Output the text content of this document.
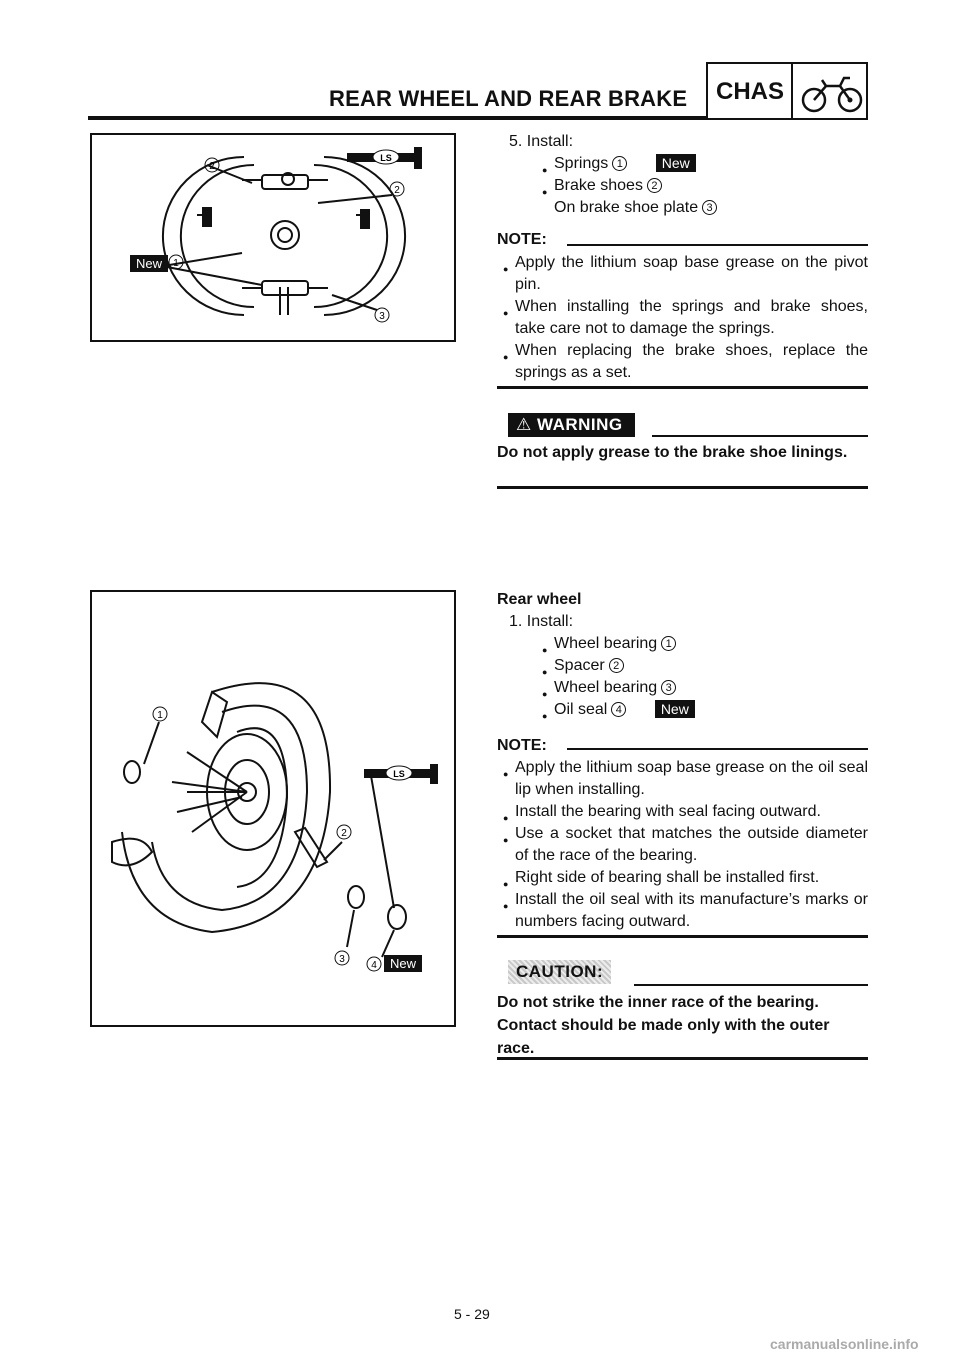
REAR WHEEL AND REAR BRAKE CHAS
2
2
1
3
New
LS
5. Install:
● Springs 1	New
● Brake shoes 2
On brake shoe plate 3
NOTE:
● Apply the lithium soap base grease on the pivot pin.
● When installing the springs and brake shoes, take care not to damage the springs.
● When replacing the brake shoes, replace the springs as a set.
⚠ WARNING
Do not apply grease to the brake shoe linings.
1
2
3
4 New
LS
Rear wheel
1. Install:
● Wheel bearing 1
● Spacer 2
● Wheel bearing 3
● Oil seal 4	New
NOTE:
● Apply the lithium soap base grease on the oil seal lip when installing.
● Install the bearing with seal facing outward.
● Use a socket that matches the outside diameter of the race of the bearing.
● Right side of bearing shall be installed first.
● Install the oil seal with its manufacture’s marks or numbers facing outward.
CAUTION:
Do not strike the inner race of the bearing. Contact should be made only with the outer race.
5 - 29
carmanualsonline.info
